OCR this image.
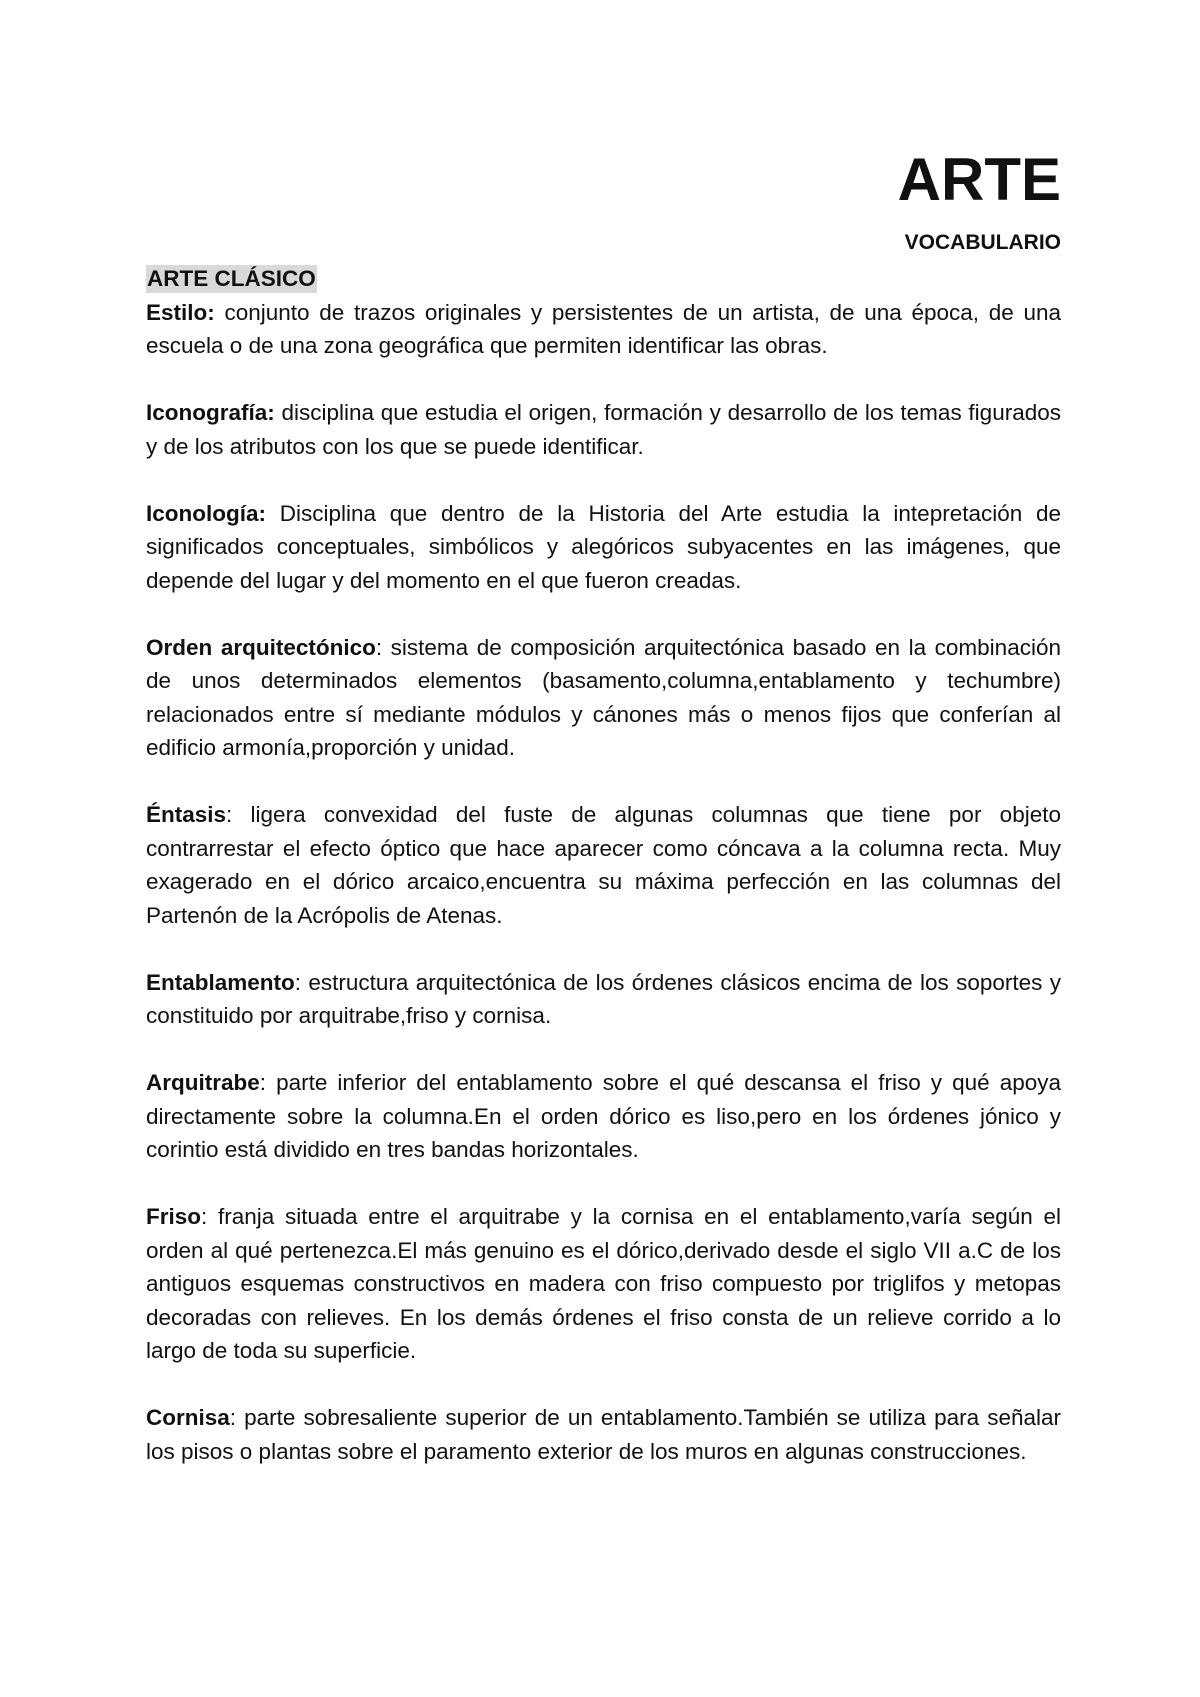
ARTE
VOCABULARIO
ARTE CLÁSICO

Estilo: conjunto de trazos originales y persistentes de un artista, de una época, de una escuela o de una zona geográfica que permiten identificar las obras.

Iconografía: disciplina que estudia el origen, formación y desarrollo de los temas figurados y de los atributos con los que se puede identificar.

Iconología: Disciplina que dentro de la Historia del Arte estudia la intepretación de significados conceptuales, simbólicos y alegóricos subyacentes en las imágenes, que depende del lugar y del momento en el que fueron creadas.

Orden arquitectónico: sistema de composición arquitectónica basado en la combinación de unos determinados elementos (basamento,columna,entablamento y techumbre) relacionados entre sí mediante módulos y cánones más o menos fijos que conferían al edificio armonía,proporción y unidad.

Éntasis: ligera convexidad del fuste de algunas columnas que tiene por objeto contrarrestar el efecto óptico que hace aparecer como cóncava a la columna recta. Muy exagerado en el dórico arcaico,encuentra su máxima perfección en las columnas del Partenón de la Acrópolis de Atenas.

Entablamento: estructura arquitectónica de los órdenes clásicos encima de los soportes y constituido por arquitrabe,friso y cornisa.

Arquitrabe: parte inferior del entablamento sobre el qué descansa el friso y qué apoya directamente sobre la columna.En el orden dórico es liso,pero en los órdenes jónico y corintio está dividido en tres bandas horizontales.

Friso: franja situada entre el arquitrabe y la cornisa en el entablamento,varía según el orden al qué pertenezca.El más genuino es el dórico,derivado desde el siglo VII a.C de los antiguos esquemas constructivos en madera con friso compuesto por triglifos y metopas decoradas con relieves. En los demás órdenes el friso consta de un relieve corrido a lo largo de toda su superficie.

Cornisa: parte sobresaliente superior de un entablamento.También se utiliza para señalar los pisos o plantas sobre el paramento exterior de los muros en algunas construcciones.
